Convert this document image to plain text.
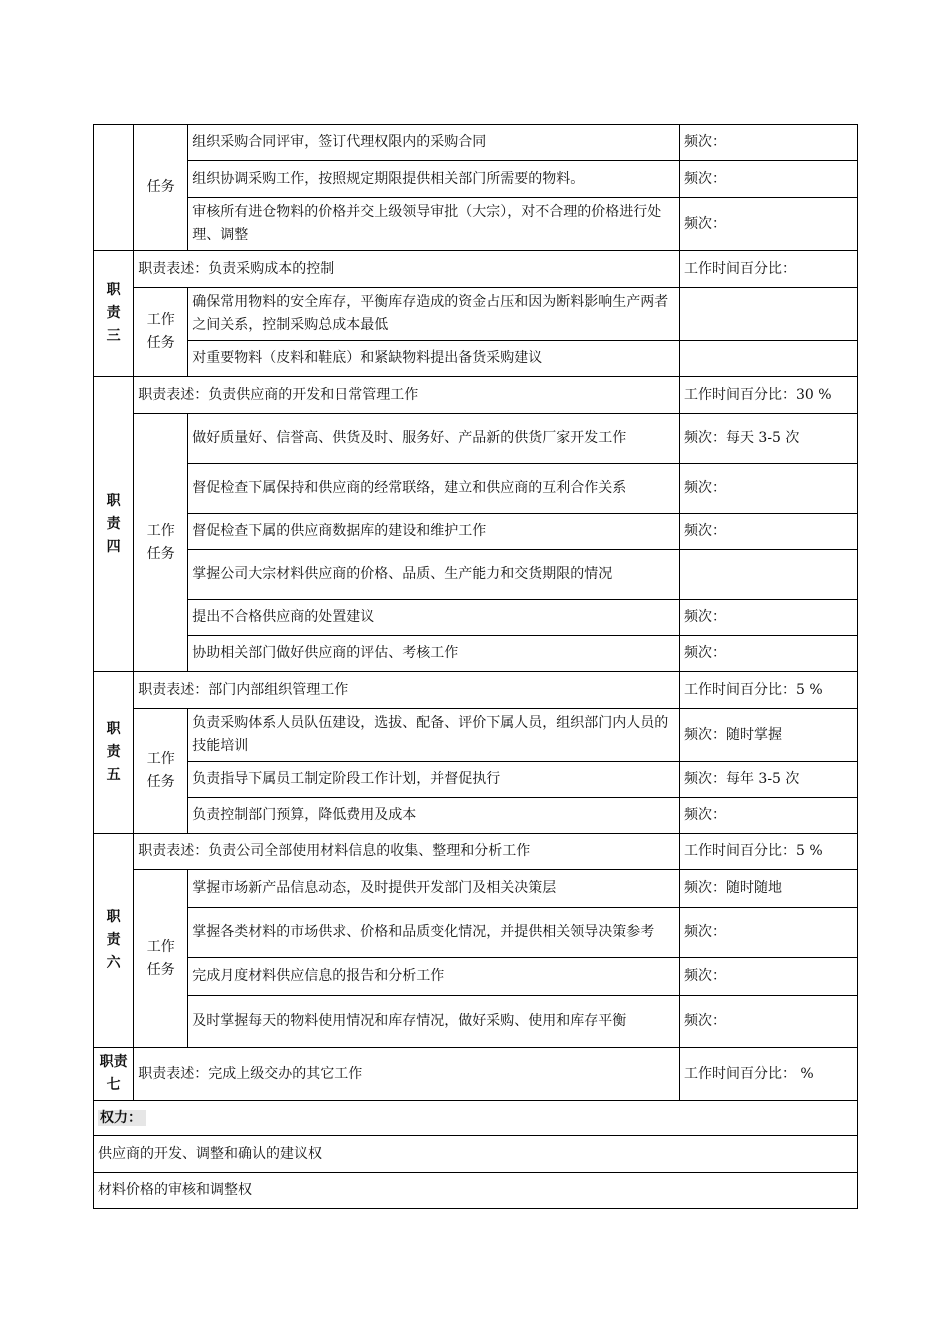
	任务	组织采购合同评审，签订代理权限内的采购合同	频次：
		组织协调采购工作，按照规定期限提供相关部门所需要的物料。	频次：
		审核所有进仓物料的价格并交上级领导审批（大宗），对不合理的价格进行处理、调整	频次：
职责三	职责表述：负责采购成本的控制		工作时间百分比：
	工作任务	确保常用物料的安全库存，平衡库存造成的资金占压和因为断料影响生产两者之间关系，控制采购总成本最低	
		对重要物料（皮料和鞋底）和紧缺物料提出备货采购建议	
职责四	职责表述：负责供应商的开发和日常管理工作		工作时间百分比：30 %
	工作任务	做好质量好、信誉高、供货及时、服务好、产品新的供货厂家开发工作	频次：每天 3-5 次
		督促检查下属保持和供应商的经常联络，建立和供应商的互利合作关系	频次：
		督促检查下属的供应商数据库的建设和维护工作	频次：
		掌握公司大宗材料供应商的价格、品质、生产能力和交货期限的情况	
		提出不合格供应商的处置建议	频次：
		协助相关部门做好供应商的评估、考核工作	频次：
职责五	职责表述：部门内部组织管理工作		工作时间百分比：5 %
	工作任务	负责采购体系人员队伍建设，选拔、配备、评价下属人员，组织部门内人员的技能培训	频次：随时掌握
		负责指导下属员工制定阶段工作计划，并督促执行	频次：每年 3-5 次
		负责控制部门预算，降低费用及成本	频次：
职责六	职责表述：负责公司全部使用材料信息的收集、整理和分析工作		工作时间百分比：5 %
	工作任务	掌握市场新产品信息动态，及时提供开发部门及相关决策层	频次：随时随地
		掌握各类材料的市场供求、价格和品质变化情况，并提供相关领导决策参考	频次：
		完成月度材料供应信息的报告和分析工作	频次：
		及时掌握每天的物料使用情况和库存情况，做好采购、使用和库存平衡	频次：

职责七	职责表述：完成上级交办的其它工作		工作时间百分比： %
权力：			
供应商的开发、调整和确认的建议权			
材料价格的审核和调整权			
